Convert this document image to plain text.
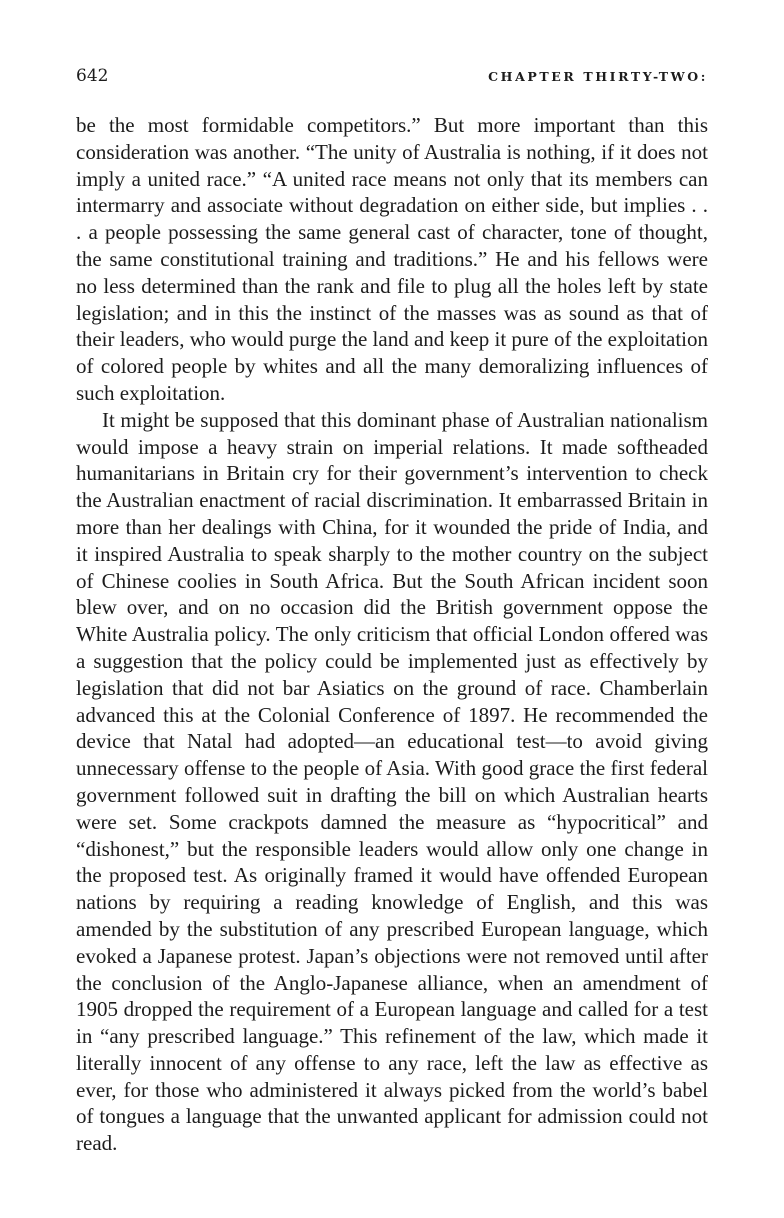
642	CHAPTER THIRTY-TWO:

be the most formidable competitors.” But more important than this consideration was another. “The unity of Australia is nothing, if it does not imply a united race.” “A united race means not only that its members can intermarry and associate without degradation on either side, but implies . . . a people possessing the same general cast of character, tone of thought, the same constitutional training and traditions.” He and his fellows were no less determined than the rank and file to plug all the holes left by state legislation; and in this the instinct of the masses was as sound as that of their leaders, who would purge the land and keep it pure of the exploitation of colored people by whites and all the many demoralizing influences of such exploitation.

It might be supposed that this dominant phase of Australian nationalism would impose a heavy strain on imperial relations. It made softheaded humanitarians in Britain cry for their government’s intervention to check the Australian enactment of racial discrimination. It embarrassed Britain in more than her dealings with China, for it wounded the pride of India, and it inspired Australia to speak sharply to the mother country on the subject of Chinese coolies in South Africa. But the South African incident soon blew over, and on no occasion did the British government oppose the White Australia policy. The only criticism that official London offered was a suggestion that the policy could be implemented just as effectively by legislation that did not bar Asiatics on the ground of race. Chamberlain advanced this at the Colonial Conference of 1897. He recommended the device that Natal had adopted—an educational test—to avoid giving unnecessary offense to the people of Asia. With good grace the first federal government followed suit in drafting the bill on which Australian hearts were set. Some crackpots damned the measure as “hypocritical” and “dishonest,” but the responsible leaders would allow only one change in the proposed test. As originally framed it would have offended European nations by requiring a reading knowledge of English, and this was amended by the substitution of any prescribed European language, which evoked a Japanese protest. Japan’s objections were not removed until after the conclusion of the Anglo-Japanese alliance, when an amendment of 1905 dropped the requirement of a European language and called for a test in “any prescribed language.” This refinement of the law, which made it literally innocent of any offense to any race, left the law as effective as ever, for those who administered it always picked from the world’s babel of tongues a language that the unwanted applicant for admission could not read.
